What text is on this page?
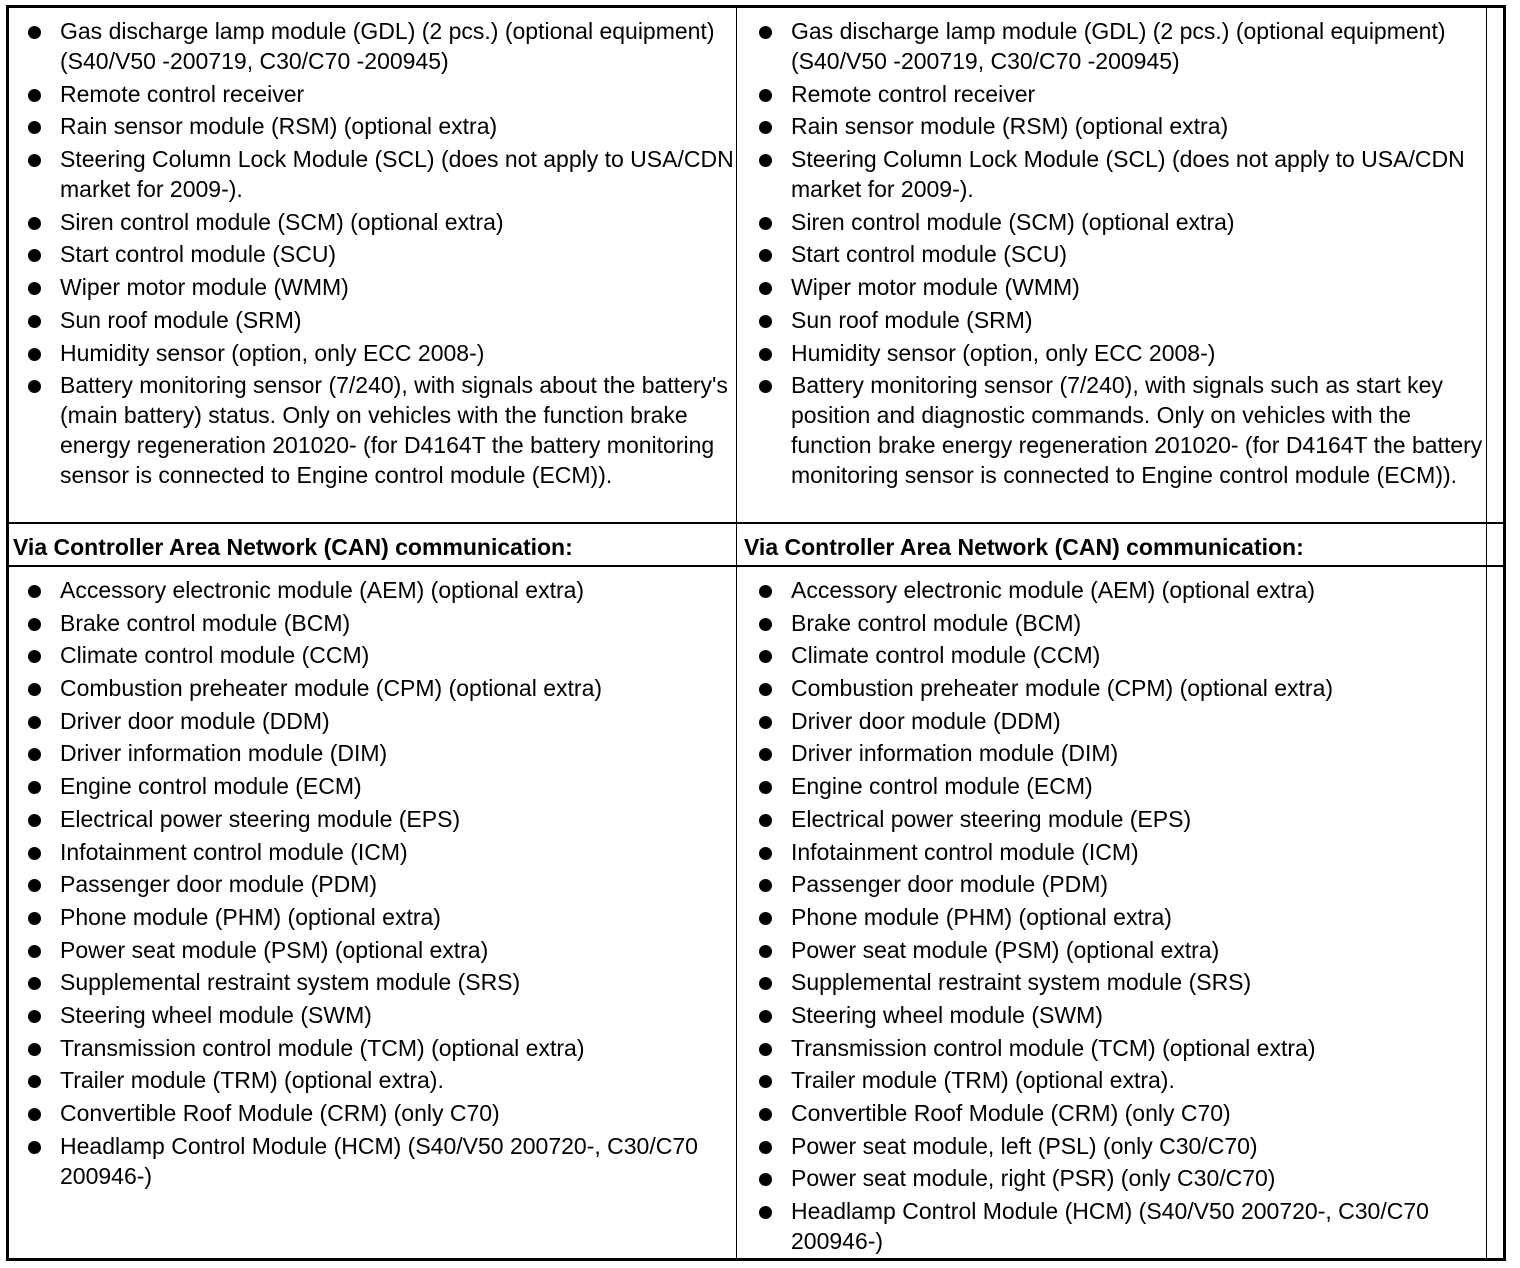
Gas discharge lamp module (GDL) (2 pcs.) (optional equipment) (S40/V50 -200719, C30/C70 -200945)
Remote control receiver
Rain sensor module (RSM) (optional extra)
Steering Column Lock Module (SCL) (does not apply to USA/CDN market for 2009-).
Siren control module (SCM) (optional extra)
Start control module (SCU)
Wiper motor module (WMM)
Sun roof module (SRM)
Humidity sensor (option, only ECC 2008-)
Battery monitoring sensor (7/240), with signals about the battery's (main battery) status. Only on vehicles with the function brake energy regeneration 201020- (for D4164T the battery monitoring sensor is connected to Engine control module (ECM)).
Gas discharge lamp module (GDL) (2 pcs.) (optional equipment) (S40/V50 -200719, C30/C70 -200945)
Remote control receiver
Rain sensor module (RSM) (optional extra)
Steering Column Lock Module (SCL) (does not apply to USA/CDN market for 2009-).
Siren control module (SCM) (optional extra)
Start control module (SCU)
Wiper motor module (WMM)
Sun roof module (SRM)
Humidity sensor (option, only ECC 2008-)
Battery monitoring sensor (7/240), with signals such as start key position and diagnostic commands. Only on vehicles with the function brake energy regeneration 201020- (for D4164T the battery monitoring sensor is connected to Engine control module (ECM)).
Via Controller Area Network (CAN) communication:	Via Controller Area Network (CAN) communication:
Accessory electronic module (AEM) (optional extra)
Brake control module (BCM)
Climate control module (CCM)
Combustion preheater module (CPM) (optional extra)
Driver door module (DDM)
Driver information module (DIM)
Engine control module (ECM)
Electrical power steering module (EPS)
Infotainment control module (ICM)
Passenger door module (PDM)
Phone module (PHM) (optional extra)
Power seat module (PSM) (optional extra)
Supplemental restraint system module (SRS)
Steering wheel module (SWM)
Transmission control module (TCM) (optional extra)
Trailer module (TRM) (optional extra).
Convertible Roof Module (CRM) (only C70)
Headlamp Control Module (HCM) (S40/V50 200720-, C30/C70 200946-)
Accessory electronic module (AEM) (optional extra)
Brake control module (BCM)
Climate control module (CCM)
Combustion preheater module (CPM) (optional extra)
Driver door module (DDM)
Driver information module (DIM)
Engine control module (ECM)
Electrical power steering module (EPS)
Infotainment control module (ICM)
Passenger door module (PDM)
Phone module (PHM) (optional extra)
Power seat module (PSM) (optional extra)
Supplemental restraint system module (SRS)
Steering wheel module (SWM)
Transmission control module (TCM) (optional extra)
Trailer module (TRM) (optional extra).
Convertible Roof Module (CRM) (only C70)
Power seat module, left (PSL) (only C30/C70)
Power seat module, right (PSR) (only C30/C70)
Headlamp Control Module (HCM) (S40/V50 200720-, C30/C70 200946-)
